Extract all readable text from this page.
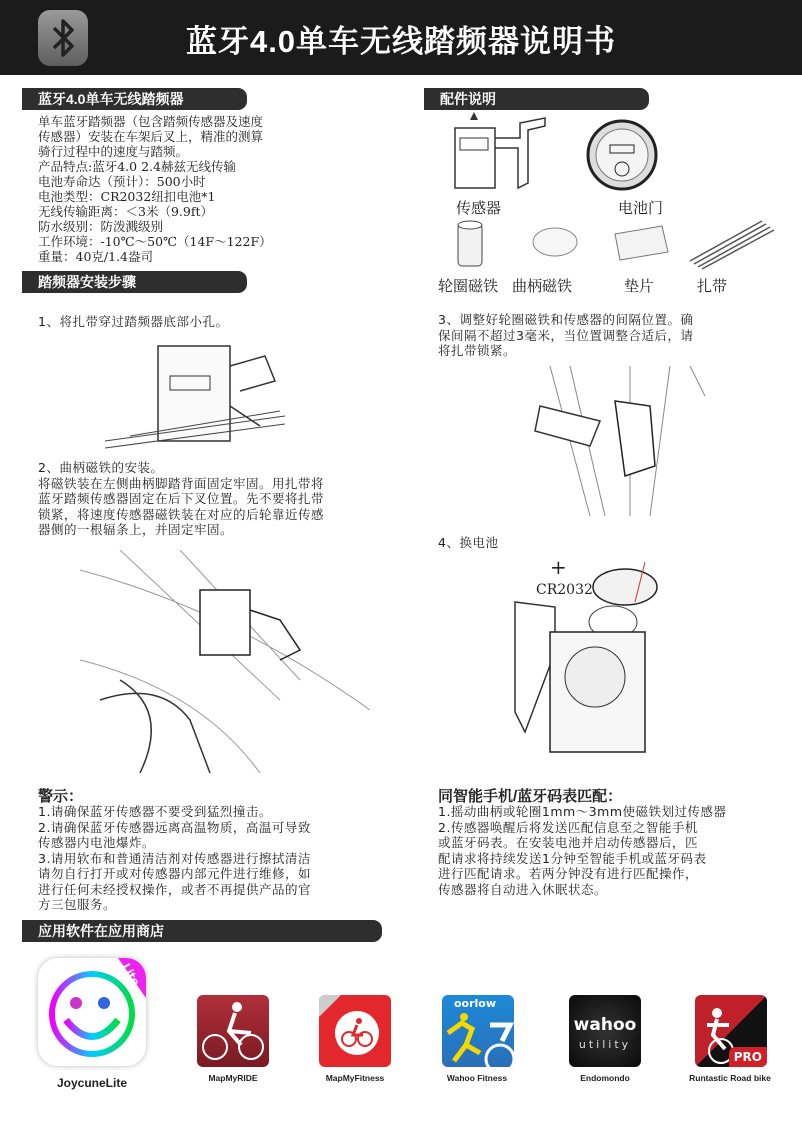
蓝牙4.0单车无线踏频器说明书
蓝牙4.0单车无线踏频器
单车蓝牙踏频器（包含踏频传感器及速度
传感器）安装在车架后叉上，精准的测算
骑行过程中的速度与踏频。
产品特点:蓝牙4.0 2.4赫兹无线传输
电池寿命达（预计）：500小时
电池类型：CR2032纽扣电池*1
无线传输距离：＜3米（9.9ft）
防水级别：防泼溅级别
工作环境：-10℃～50℃（14F～122F）
重量：40克/1.4盎司
配件说明
传感器	电池门
轮圈磁铁 曲柄磁铁	垫片	扎带
踏频器安装步骤
1、将扎带穿过踏频器底部小孔。
2、曲柄磁铁的安装。
将磁铁装在左侧曲柄脚踏背面固定牢固。用扎带将
蓝牙踏频传感器固定在后下叉位置。先不要将扎带
锁紧，将速度传感器磁铁装在对应的后轮靠近传感
器侧的一根辐条上，并固定牢固。
3、调整好轮圈磁铁和传感器的间隔位置。确
保间隔不超过3毫米，当位置调整合适后，请
将扎带锁紧。
4、换电池
+
CR2032
警示：
1.请确保蓝牙传感器不要受到猛烈撞击。
2.请确保蓝牙传感器远离高温物质，高温可导致
传感器内电池爆炸。
3.请用软布和普通清洁剂对传感器进行擦拭清洁
请勿自行打开或对传感器内部元件进行维修，如
进行任何未经授权操作，或者不再提供产品的官
方三包服务。
同智能手机/蓝牙码表匹配：
1.摇动曲柄或轮圈1mm～3mm使磁铁划过传感器
2.传感器唤醒后将发送匹配信息至之智能手机
或蓝牙码表。在安装电池并启动传感器后，匹
配请求将持续发送1分钟至智能手机或蓝牙码表
进行匹配请求。若两分钟没有进行匹配操作，
传感器将自动进入休眠状态。
应用软件在应用商店
Lite
JoycuneLite	MapMyRIDE	MapMyFitness
oorlow
Wahoo Fitness
wahoo
utility
Endomondo
PRO
Runtastic Road bike
